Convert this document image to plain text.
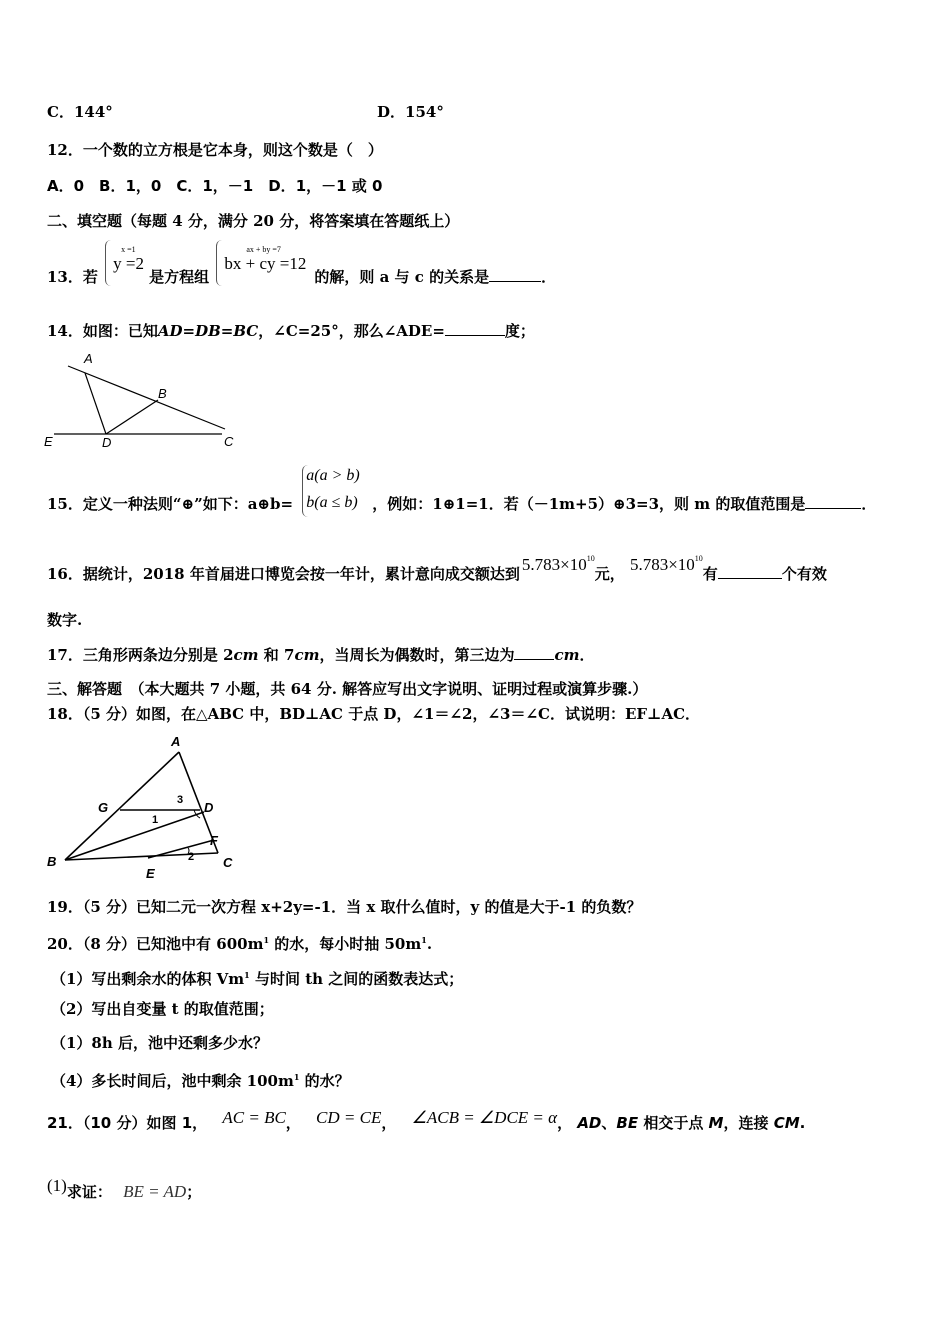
C．144°	D．154°
12．一个数的立方根是它本身，则这个数是（　）
A．0　B．1，0　C．1，－1　D．1，－1 或 0
二、填空题（每题 4 分，满分 20 分，将答案填在答题纸上）
13．若
x =1
y =2
是方程组
ax + by =7
bx + cy =12
的解，则 a 与 c 的关系是	．
14．如图：已知AD=DB=BC，∠C=25°，那么∠ADE=	度；
A
B
C
D
E
15．定义一种法则“⊕”如下：a⊕b=
a(a > b)
b(a ≤ b) ，例如：1⊕1=1．若（－1m+5）⊕3=3，则 m 的取值范围是	．
16．据统计，2018 年首届进口博览会按一年计，累计意向成交额达到 $5.783\times 10^{10}$元， $5.783\times 10^{10}$有	个有效
数字.
17．三角形两条边分别是 2cm 和 7cm，当周长为偶数时，第三边为	cm．
三、解答题　（本大题共 7 小题，共 64 分. 解答应写出文字说明、证明过程或演算步骤.）
18．（5 分）如图，在△ABC 中，BD⊥AC 于点 D，∠1＝∠2，∠3＝∠C．试说明：EF⊥AC．
A
B	C
D
E
F
G
1
2
3
19．（5 分）已知二元一次方程 x+2y=-1．当 x 取什么值时，y 的值是大于-1 的负数？
20．（8 分）已知池中有 $600m^1$ 的水，每小时抽 $50m^1$.
（1）写出剩余水的体积 Vm$^1$ 与时间 th 之间的函数表达式；
（2）写出自变量 t 的取值范围；
（1）8h 后，池中还剩多少水？
（4）多长时间后，池中剩余 $100m^1$ 的水？
21．（10 分）如图 1， AC = BC， CD = CE， ∠ACB = ∠DCE = α， AD、BE 相交于点 M，连接 CM.
(1)求证： BE = AD；
